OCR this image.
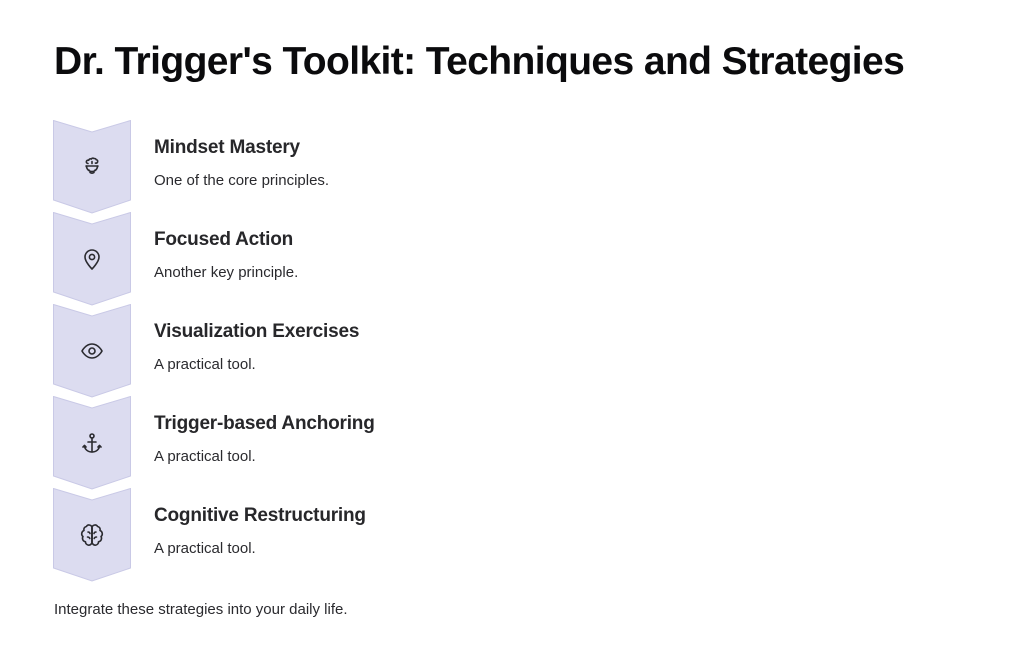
Dr. Trigger's Toolkit: Techniques and Strategies
Mindset Mastery

One of the core principles.

Focused Action

Another key principle.

Visualization Exercises

A practical tool.

Trigger-based Anchoring

A practical tool.

Cognitive Restructuring

A practical tool.

Integrate these strategies into your daily life.
